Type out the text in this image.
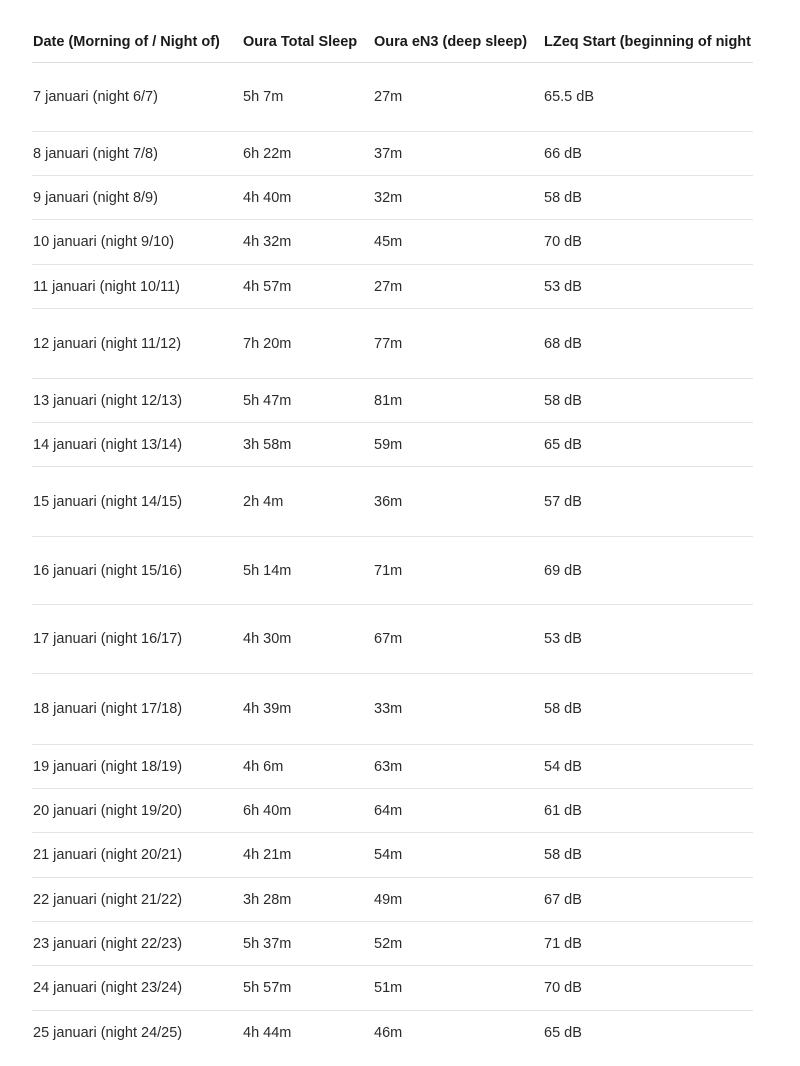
Date (Morning of / Night of)	Oura Total Sleep	Oura eN3 (deep sleep)	LZeq Start (beginning of night
7 januari (night 6/7)	5h 7m	27m	65.5 dB
8 januari (night 7/8)	6h 22m	37m	66 dB
9 januari (night 8/9)	4h 40m	32m	58 dB
10 januari (night 9/10)	4h 32m	45m	70 dB
11 januari (night 10/11)	4h 57m	27m	53 dB
12 januari (night 11/12)	7h 20m	77m	68 dB
13 januari (night 12/13)	5h 47m	81m	58 dB
14 januari (night 13/14)	3h 58m	59m	65 dB
15 januari (night 14/15)	2h 4m	36m	57 dB
16 januari (night 15/16)	5h 14m	71m	69 dB
17 januari (night 16/17)	4h 30m	67m	53 dB
18 januari (night 17/18)	4h 39m	33m	58 dB
19 januari (night 18/19)	4h 6m	63m	54 dB
20 januari (night 19/20)	6h 40m	64m	61 dB
21 januari (night 20/21)	4h 21m	54m	58 dB
22 januari (night 21/22)	3h 28m	49m	67 dB
23 januari (night 22/23)	5h 37m	52m	71 dB
24 januari (night 23/24)	5h 57m	51m	70 dB
25 januari (night 24/25)	4h 44m	46m	65 dB
